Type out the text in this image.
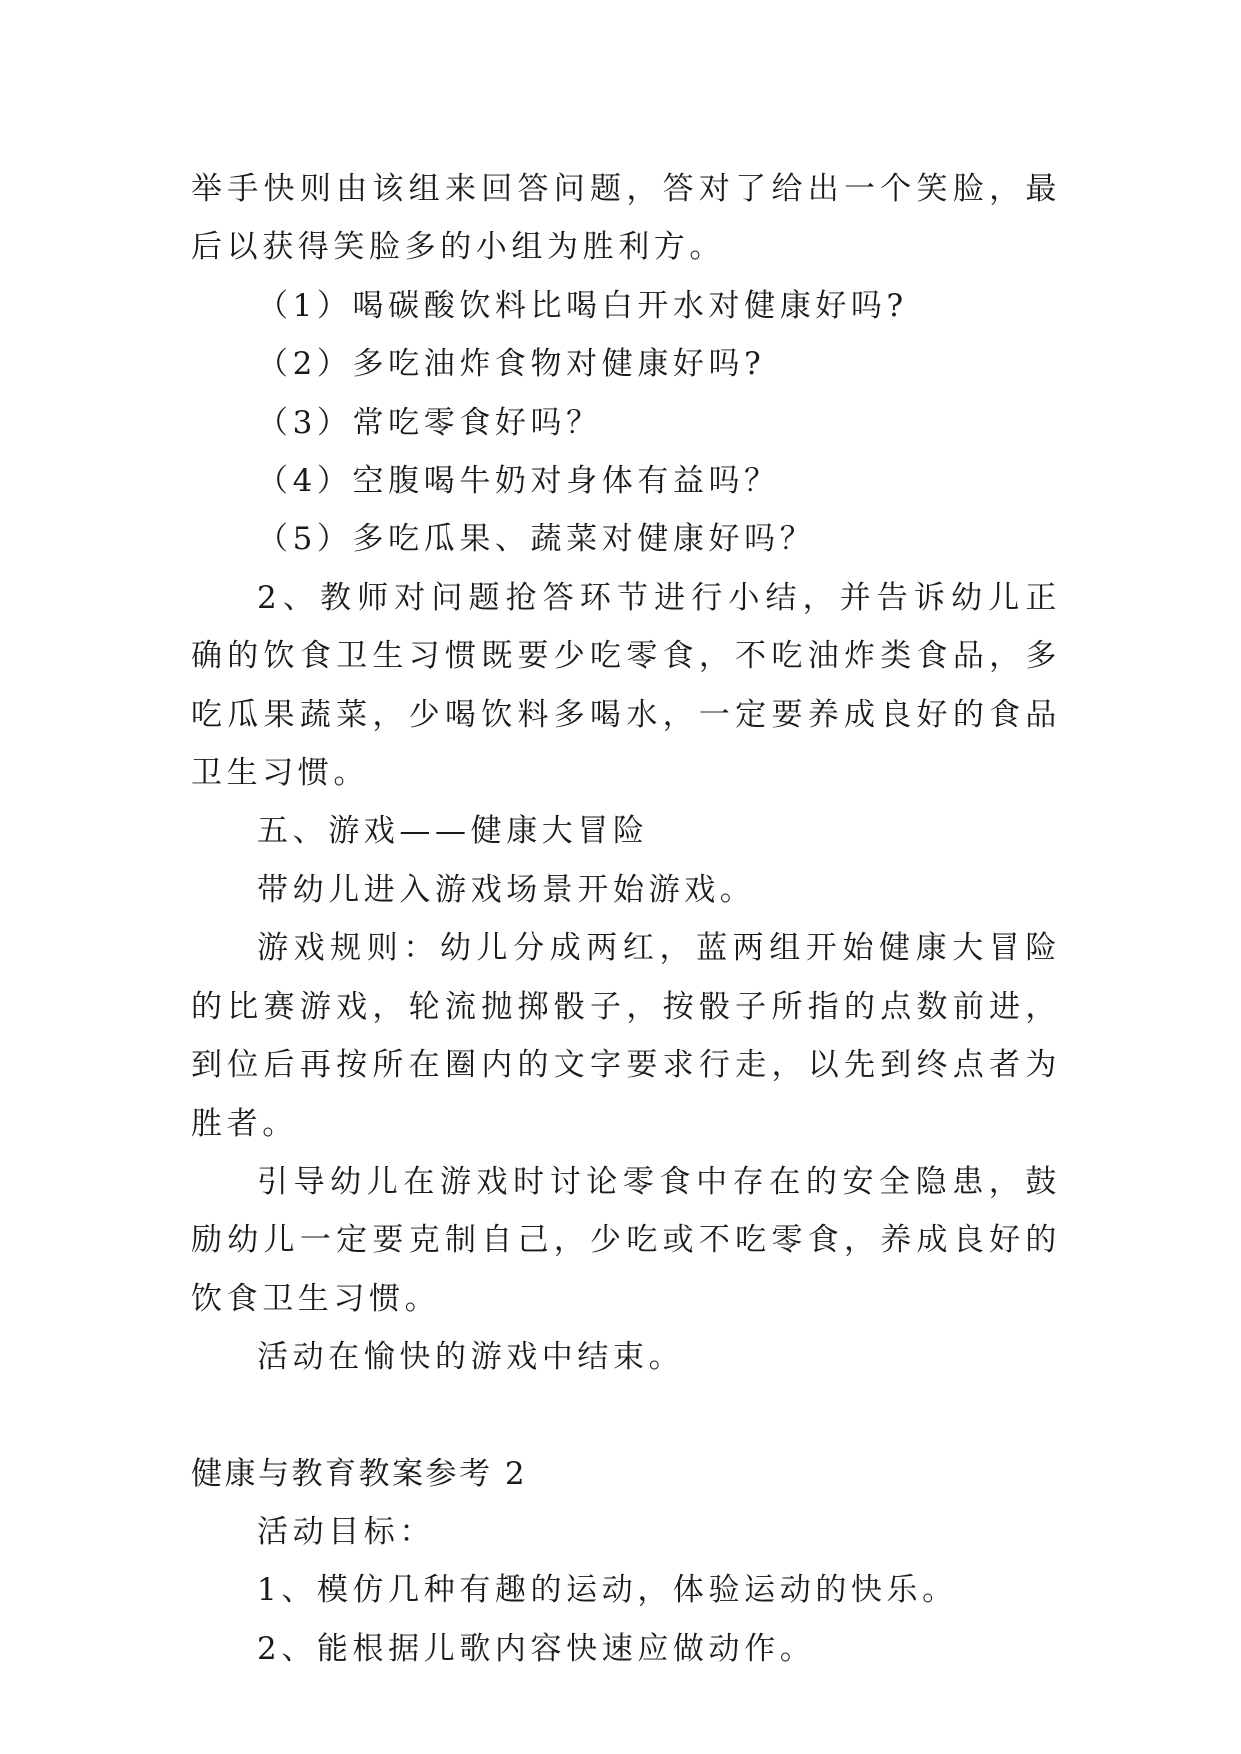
举手快则由该组来回答问题，答对了给出一个笑脸，最后以获得笑脸多的小组为胜利方。

（1）喝碳酸饮料比喝白开水对健康好吗?

（2）多吃油炸食物对健康好吗?

（3）常吃零食好吗？

（4）空腹喝牛奶对身体有益吗？

（5）多吃瓜果、蔬菜对健康好吗？

2、教师对问题抢答环节进行小结，并告诉幼儿正确的饮食卫生习惯既要少吃零食，不吃油炸类食品，多吃瓜果蔬菜，少喝饮料多喝水，一定要养成良好的食品卫生习惯。

五、游戏——健康大冒险

带幼儿进入游戏场景开始游戏。

游戏规则：幼儿分成两红，蓝两组开始健康大冒险的比赛游戏，轮流抛掷骰子，按骰子所指的点数前进，到位后再按所在圈内的文字要求行走，以先到终点者为胜者。

引导幼儿在游戏时讨论零食中存在的安全隐患，鼓励幼儿一定要克制自己，少吃或不吃零食，养成良好的饮食卫生习惯。

活动在愉快的游戏中结束。

健康与教育教案参考 2

活动目标：

1、模仿几种有趣的运动，体验运动的快乐。

2、能根据儿歌内容快速应做动作。
